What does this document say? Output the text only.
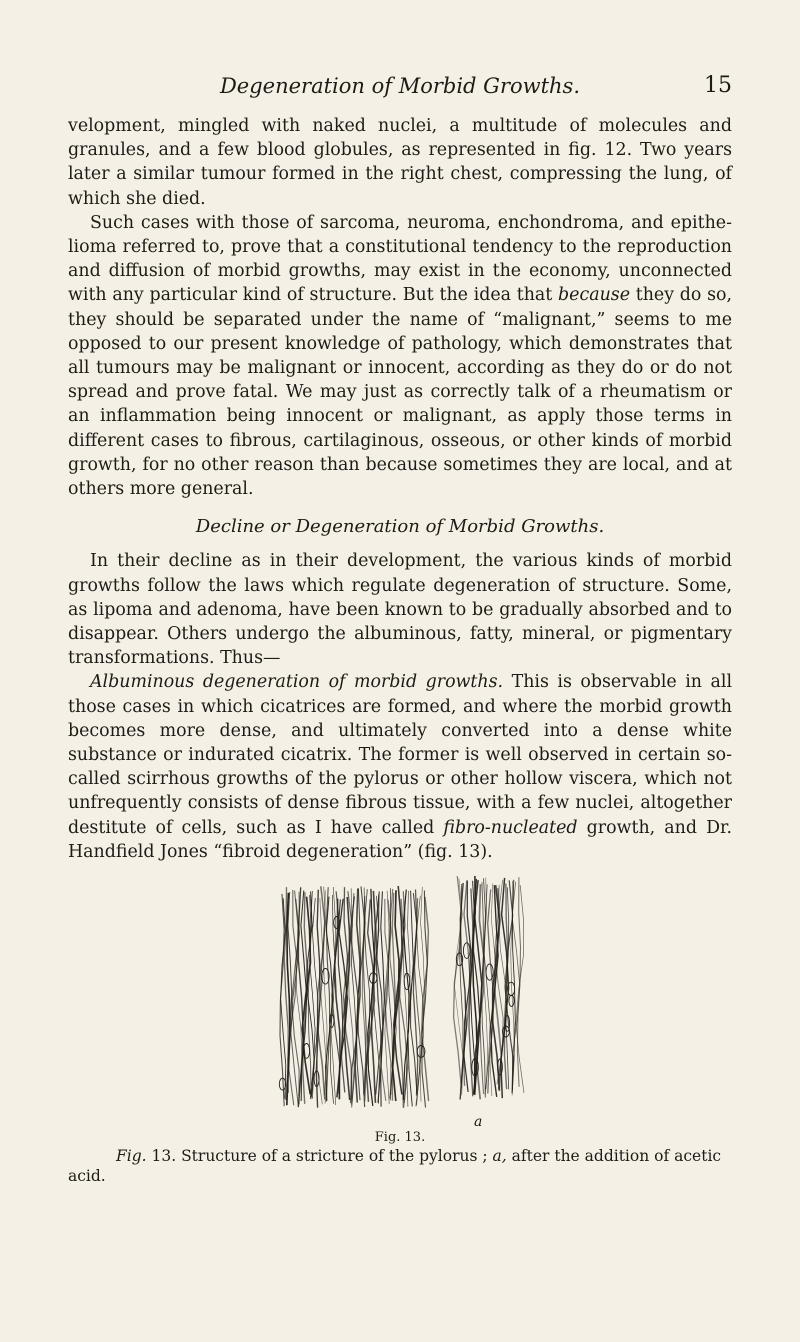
Degeneration of Morbid Growths.	15

velopment, mingled with naked nuclei, a multitude of molecules and granules, and a few blood globules, as represented in fig. 12. Two years later a similar tumour formed in the right chest, compressing the lung, of which she died.

Such cases with those of sarcoma, neuroma, enchondroma, and epithelioma referred to, prove that a constitutional tendency to the reproduction and diffusion of morbid growths, may exist in the economy, unconnected with any particular kind of structure. But the idea that because they do so, they should be separated under the name of “malignant,” seems to me opposed to our present knowledge of pathology, which demonstrates that all tumours may be malignant or innocent, according as they do or do not spread and prove fatal. We may just as correctly talk of a rheumatism or an inflammation being innocent or malignant, as apply those terms in different cases to fibrous, cartilaginous, osseous, or other kinds of morbid growth, for no other reason than because sometimes they are local, and at others more general.

Decline or Degeneration of Morbid Growths.

In their decline as in their development, the various kinds of morbid growths follow the laws which regulate degeneration of structure. Some, as lipoma and adenoma, have been known to be gradually absorbed and to disappear. Others undergo the albuminous, fatty, mineral, or pigmentary transformations. Thus—

Albuminous degeneration of morbid growths. This is observable in all those cases in which cicatrices are formed, and where the morbid growth becomes more dense, and ultimately converted into a dense white substance or indurated cicatrix. The former is well observed in certain so-called scirrhous growths of the pylorus or other hollow viscera, which not unfrequently consists of dense fibrous tissue, with a few nuclei, altogether destitute of cells, such as I have called fibro-nucleated growth, and Dr. Handfield Jones “fibroid degeneration” (fig. 13).

a
Fig. 13.

Fig. 13. Structure of a stricture of the pylorus ; a, after the addition of acetic acid.
